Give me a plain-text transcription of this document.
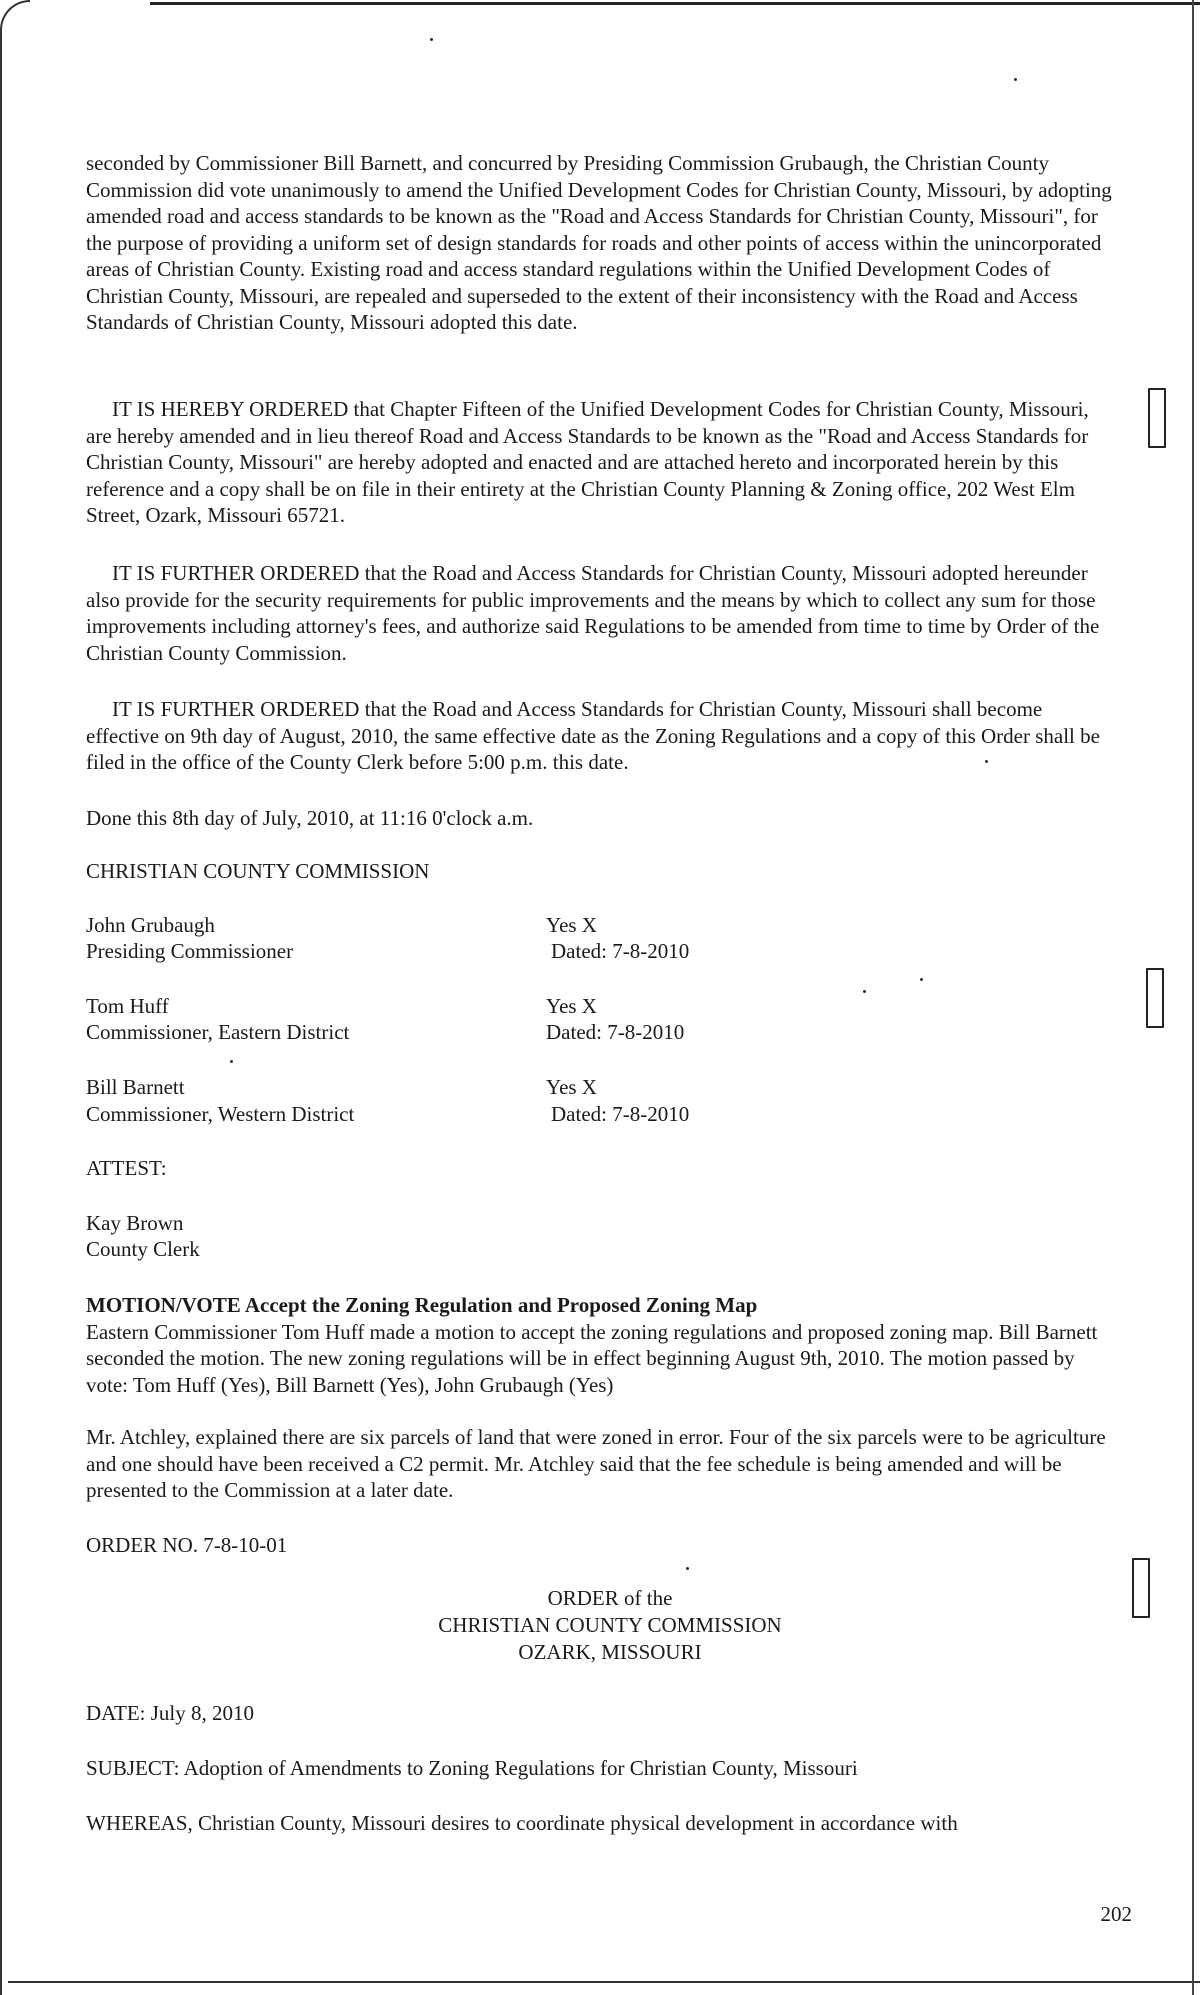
seconded by Commissioner Bill Barnett, and concurred by Presiding Commission Grubaugh, the Christian County Commission did vote unanimously to amend the Unified Development Codes for Christian County, Missouri, by adopting amended road and access standards to be known as the "Road and Access Standards for Christian County, Missouri", for the purpose of providing a uniform set of design standards for roads and other points of access within the unincorporated areas of Christian County. Existing road and access standard regulations within the Unified Development Codes of Christian County, Missouri, are repealed and superseded to the extent of their inconsistency with the Road and Access Standards of Christian County, Missouri adopted this date.

IT IS HEREBY ORDERED that Chapter Fifteen of the Unified Development Codes for Christian County, Missouri, are hereby amended and in lieu thereof Road and Access Standards to be known as the "Road and Access Standards for Christian County, Missouri" are hereby adopted and enacted and are attached hereto and incorporated herein by this reference and a copy shall be on file in their entirety at the Christian County Planning & Zoning office, 202 West Elm Street, Ozark, Missouri 65721.

IT IS FURTHER ORDERED that the Road and Access Standards for Christian County, Missouri adopted hereunder also provide for the security requirements for public improvements and the means by which to collect any sum for those improvements including attorney's fees, and authorize said Regulations to be amended from time to time by Order of the Christian County Commission.

IT IS FURTHER ORDERED that the Road and Access Standards for Christian County, Missouri shall become effective on 9th day of August, 2010, the same effective date as the Zoning Regulations and a copy of this Order shall be filed in the office of the County Clerk before 5:00 p.m. this date.

Done this 8th day of July, 2010, at 11:16 0'clock a.m.
CHRISTIAN COUNTY COMMISSION
John Grubaugh
Presiding Commissioner
Yes X
Dated: 7-8-2010
Tom Huff
Commissioner, Eastern District
Yes X
Dated: 7-8-2010
Bill Barnett
Commissioner, Western District
Yes X
Dated: 7-8-2010
ATTEST:
Kay Brown
County Clerk
MOTION/VOTE Accept the Zoning Regulation and Proposed Zoning Map

Eastern Commissioner Tom Huff made a motion to accept the zoning regulations and proposed zoning map. Bill Barnett seconded the motion. The new zoning regulations will be in effect beginning August 9th, 2010. The motion passed by vote: Tom Huff (Yes), Bill Barnett (Yes), John Grubaugh (Yes)

Mr. Atchley, explained there are six parcels of land that were zoned in error. Four of the six parcels were to be agriculture and one should have been received a C2 permit. Mr. Atchley said that the fee schedule is being amended and will be presented to the Commission at a later date.

ORDER NO. 7-8-10-01
ORDER of the
CHRISTIAN COUNTY COMMISSION
OZARK, MISSOURI
DATE: July 8, 2010
SUBJECT: Adoption of Amendments to Zoning Regulations for Christian County, Missouri
WHEREAS, Christian County, Missouri desires to coordinate physical development in accordance with
202
